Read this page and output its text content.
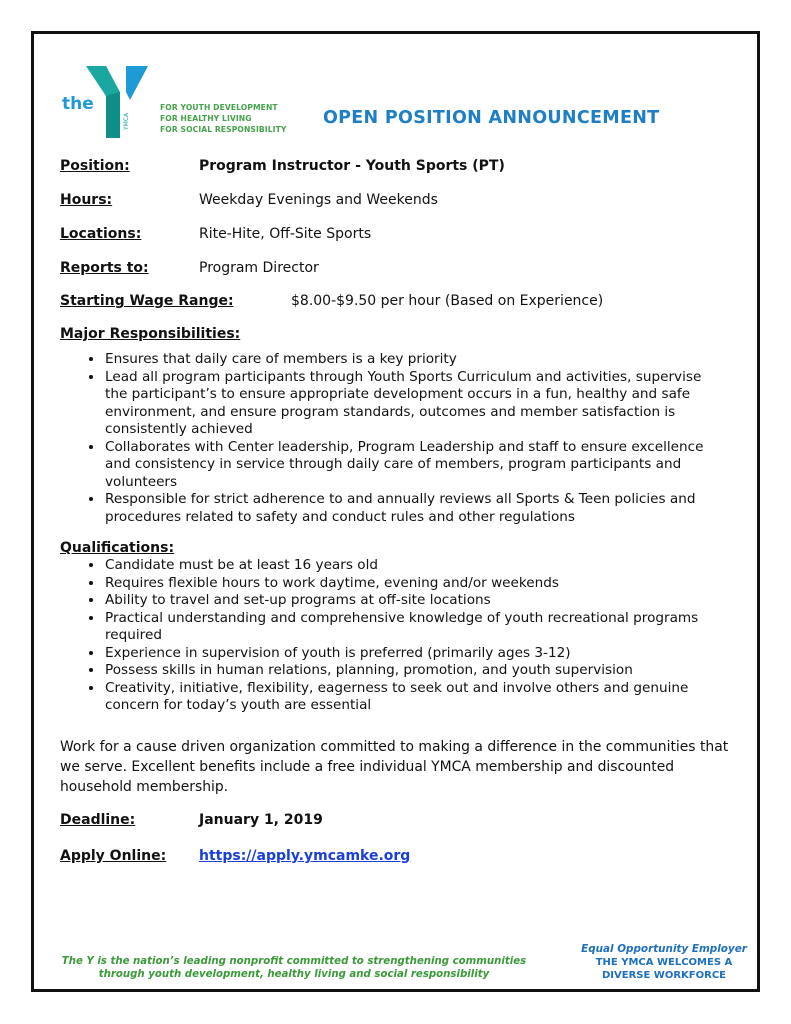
the
YMCA
FOR YOUTH DEVELOPMENT
FOR HEALTHY LIVING
FOR SOCIAL RESPONSIBILITY
OPEN POSITION ANNOUNCEMENT
Position:	Program Instructor - Youth Sports (PT)
Hours:	Weekday Evenings and Weekends
Locations:	Rite-Hite, Off-Site Sports
Reports to:	Program Director
Starting Wage Range:	$8.00-$9.50 per hour (Based on Experience)
Major Responsibilities:
• Ensures that daily care of members is a key priority
• Lead all program participants through Youth Sports Curriculum and activities, supervise the participant’s to ensure appropriate development occurs in a fun, healthy and safe environment, and ensure program standards, outcomes and member satisfaction is consistently achieved
• Collaborates with Center leadership, Program Leadership and staff to ensure excellence and consistency in service through daily care of members, program participants and volunteers
• Responsible for strict adherence to and annually reviews all Sports & Teen policies and procedures related to safety and conduct rules and other regulations
Qualifications:
• Candidate must be at least 16 years old
• Requires flexible hours to work daytime, evening and/or weekends
• Ability to travel and set-up programs at off-site locations
• Practical understanding and comprehensive knowledge of youth recreational programs required
• Experience in supervision of youth is preferred (primarily ages 3-12)
• Possess skills in human relations, planning, promotion, and youth supervision
• Creativity, initiative, flexibility, eagerness to seek out and involve others and genuine concern for today’s youth are essential
Work for a cause driven organization committed to making a difference in the communities that we serve. Excellent benefits include a free individual YMCA membership and discounted household membership.
Deadline:	January 1, 2019
Apply Online: https://apply.ymcamke.org
The Y is the nation’s leading nonprofit committed to strengthening communities
through youth development, healthy living and social responsibility
Equal Opportunity Employer
THE YMCA WELCOMES A
DIVERSE WORKFORCE
